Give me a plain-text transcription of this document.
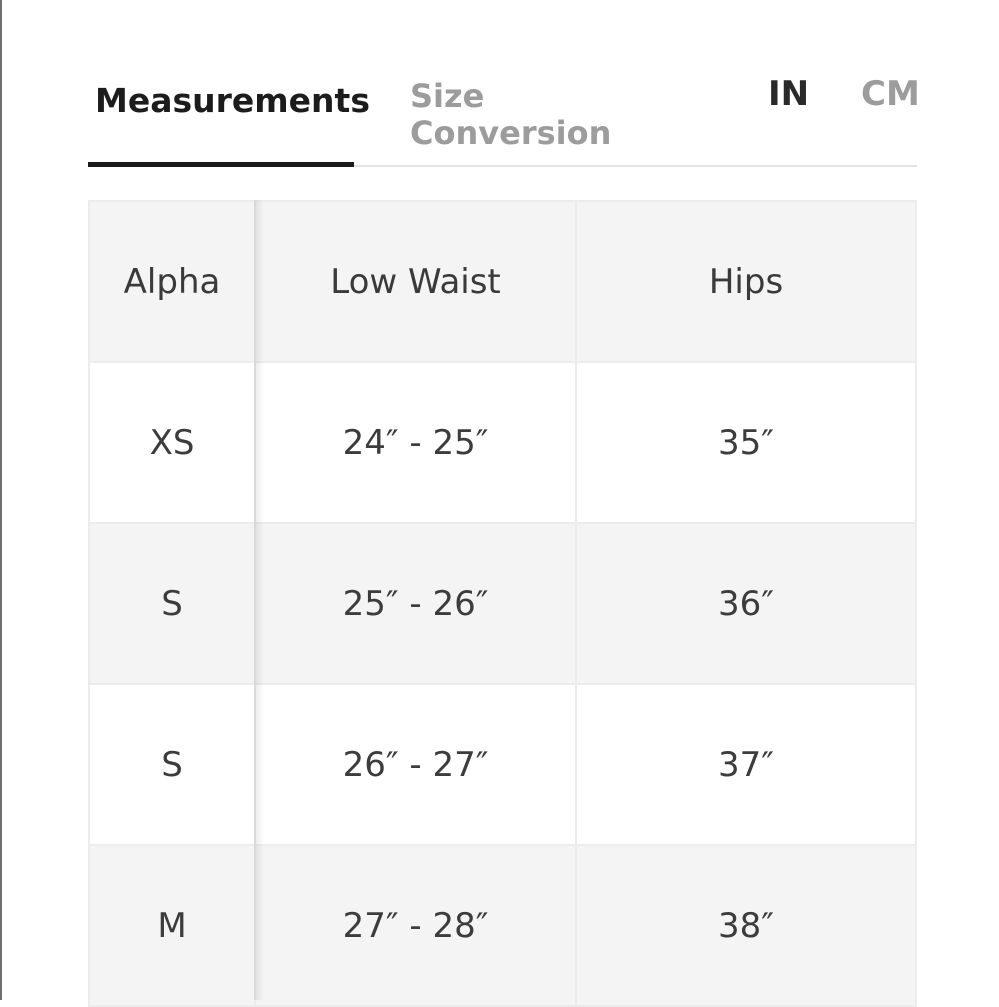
Measurements Size Conversion
IN CM
Alpha	Low Waist	Hips
XS	24″ - 25″	35″
S	25″ - 26″	36″
S	26″ - 27″	37″
M	27″ - 28″	38″
